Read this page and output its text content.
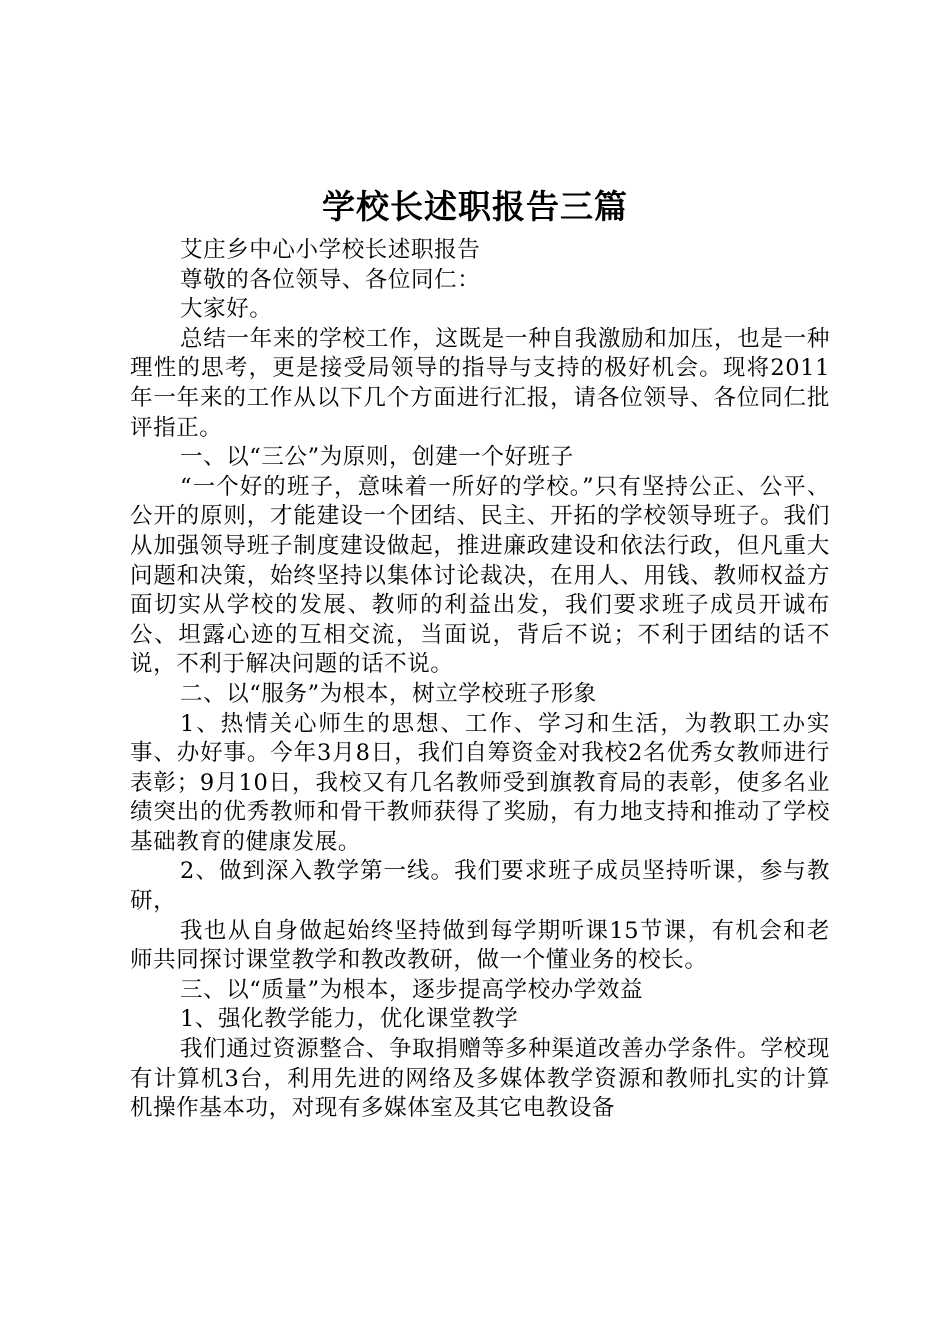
学校长述职报告三篇

艾庄乡中心小学校长述职报告

尊敬的各位领导、各位同仁：

大家好。

总结一年来的学校工作，这既是一种自我激励和加压，也是一种理性的思考，更是接受局领导的指导与支持的极好机会。现将2011年一年来的工作从以下几个方面进行汇报，请各位领导、各位同仁批评指正。

一、以“三公”为原则，创建一个好班子

“一个好的班子，意味着一所好的学校。”只有坚持公正、公平、公开的原则，才能建设一个团结、民主、开拓的学校领导班子。我们从加强领导班子制度建设做起，推进廉政建设和依法行政，但凡重大问题和决策，始终坚持以集体讨论裁决，在用人、用钱、教师权益方面切实从学校的发展、教师的利益出发，我们要求班子成员开诚布公、坦露心迹的互相交流，当面说，背后不说；不利于团结的话不说，不利于解决问题的话不说。

二、以“服务”为根本，树立学校班子形象

1、热情关心师生的思想、工作、学习和生活，为教职工办实事、办好事。今年3月8日，我们自筹资金对我校2名优秀女教师进行表彰；9月10日，我校又有几名教师受到旗教育局的表彰，使多名业绩突出的优秀教师和骨干教师获得了奖励，有力地支持和推动了学校基础教育的健康发展。

2、做到深入教学第一线。我们要求班子成员坚持听课，参与教研，

我也从自身做起始终坚持做到每学期听课15节课，有机会和老师共同探讨课堂教学和教改教研，做一个懂业务的校长。

三、以“质量”为根本，逐步提高学校办学效益

1、强化教学能力，优化课堂教学

我们通过资源整合、争取捐赠等多种渠道改善办学条件。学校现有计算机3台，利用先进的网络及多媒体教学资源和教师扎实的计算机操作基本功，对现有多媒体室及其它电教设备
